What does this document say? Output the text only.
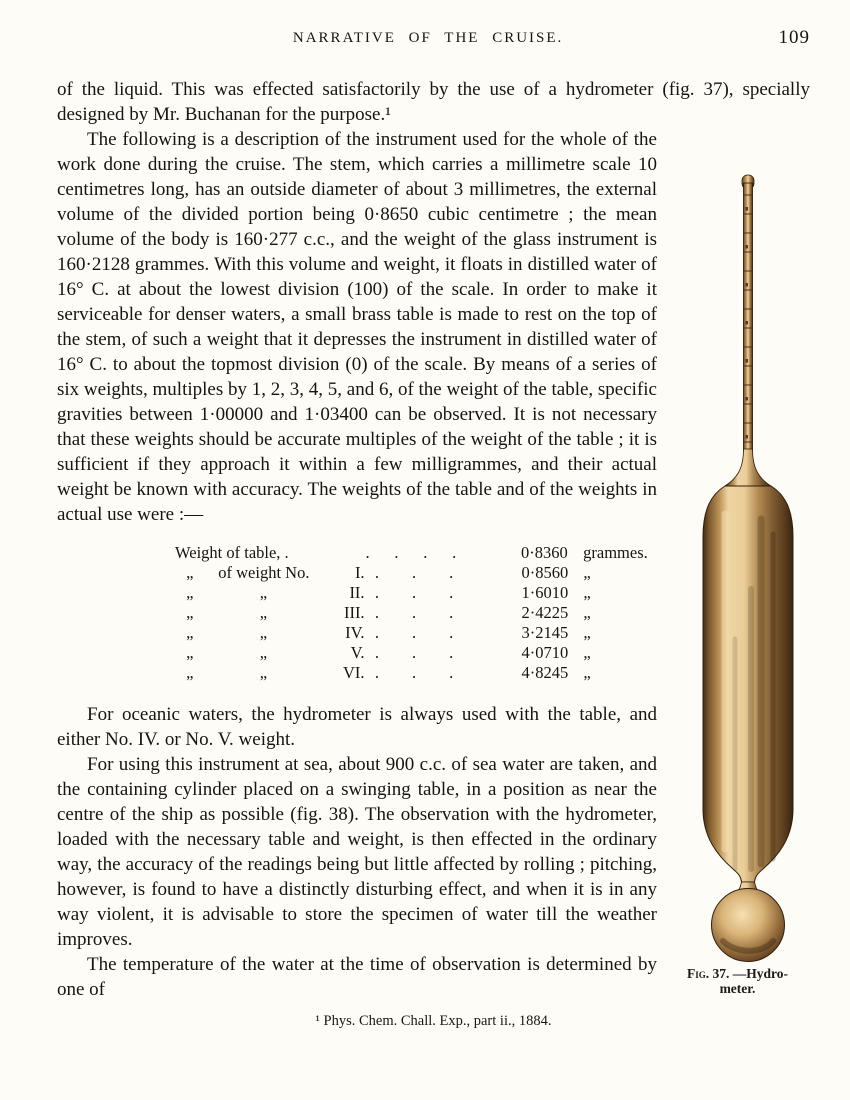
NARRATIVE OF THE CRUISE.	109

of the liquid. This was effected satisfactorily by the use of a hydrometer (fig. 37), specially designed by Mr. Buchanan for the purpose.¹

Fig. 37. —Hydro-
meter.

The following is a description of the instrument used for the whole of the work done during the cruise. The stem, which carries a millimetre scale 10 centimetres long, has an outside diameter of about 3 millimetres, the external volume of the divided portion being 0·8650 cubic centimetre ; the mean volume of the body is 160·277 c.c., and the weight of the glass instrument is 160·2128 grammes. With this volume and weight, it floats in distilled water of 16° C. at about the lowest division (100) of the scale. In order to make it serviceable for denser waters, a small brass table is made to rest on the top of the stem, of such a weight that it depresses the instrument in distilled water of 16° C. to about the topmost division (0) of the scale. By means of a series of six weights, multiples by 1, 2, 3, 4, 5, and 6, of the weight of the table, specific gravities between 1·00000 and 1·03400 can be observed. It is not necessary that these weights should be accurate multiples of the weight of the table ; it is sufficient if they approach it within a few milligrammes, and their actual weight be known with accuracy. The weights of the table and of the weights in actual use were :—

Weight of table, .	.  .  .  .	0·8360 grammes.
„	of weight No.	I.  .  .  .	0·8560 „
„	„	II.  .  .  .	1·6010 „
„	„	III.  .  .  .	2·4225 „
„	„	IV.  .  .  .	3·2145 „
„	„	V.  .  .  .	4·0710 „
„	„	VI.  .  .  .	4·8245 „

For oceanic waters, the hydrometer is always used with the table, and either No. IV. or No. V. weight.

For using this instrument at sea, about 900 c.c. of sea water are taken, and the containing cylinder placed on a swinging table, in a position as near the centre of the ship as possible (fig. 38). The observation with the hydrometer, loaded with the necessary table and weight, is then effected in the ordinary way, the accuracy of the readings being but little affected by rolling ; pitching, however, is found to have a distinctly disturbing effect, and when it is in any way violent, it is advisable to store the specimen of water till the weather improves.

The temperature of the water at the time of observation is determined by one of

¹ Phys. Chem. Chall. Exp., part ii., 1884.
